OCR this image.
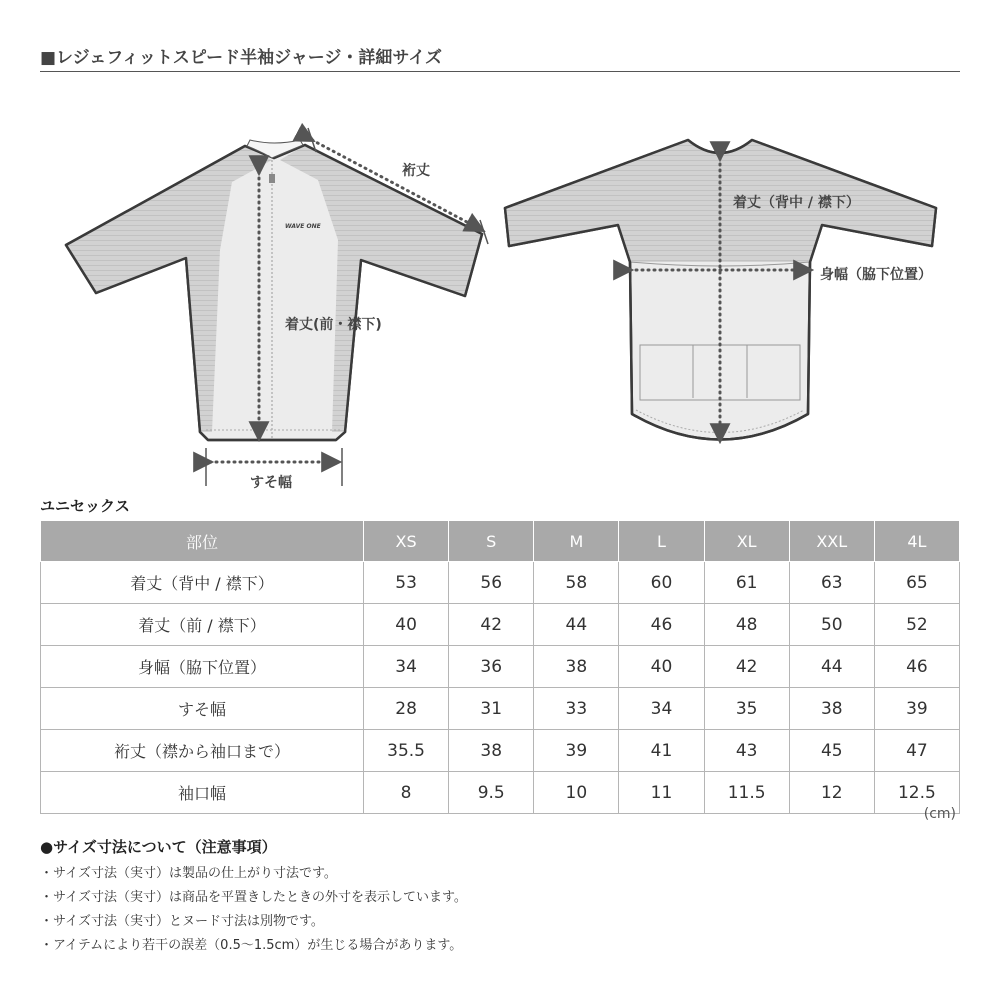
■レジェフィットスピード半袖ジャージ・詳細サイズ
WAVE ONE
裄丈
着丈(前・襟下)
すそ幅
着丈（背中 / 襟下）
身幅（脇下位置）
ユニセックス
部位	XS	S	M	L	XL	XXL	4L
着丈（背中 / 襟下）	53	56	58	60	61	63	65
着丈（前 / 襟下）	40	42	44	46	48	50	52
身幅（脇下位置）	34	36	38	40	42	44	46
すそ幅	28	31	33	34	35	38	39
裄丈（襟から袖口まで）	35.5	38	39	41	43	45	47
袖口幅	8	9.5	10	11	11.5	12	12.5
(cm)
●サイズ寸法について（注意事項）
・サイズ寸法（実寸）は製品の仕上がり寸法です。
・サイズ寸法（実寸）は商品を平置きしたときの外寸を表示しています。
・サイズ寸法（実寸）とヌード寸法は別物です。
・アイテムにより若干の誤差（0.5〜1.5cm）が生じる場合があります。
